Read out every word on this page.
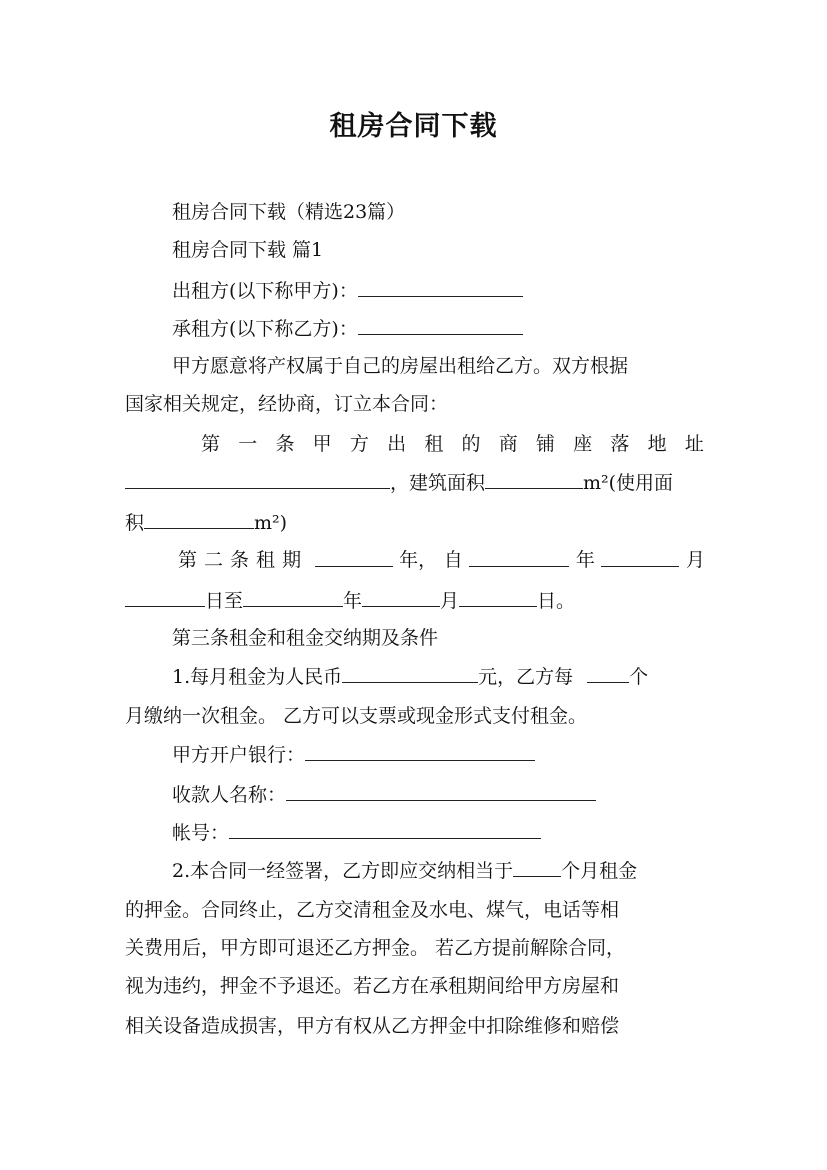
租房合同下载
租房合同下载（精选23篇）
租房合同下载 篇1
出租方(以下称甲方)：
承租方(以下称乙方)：
甲方愿意将产权属于自己的房屋出租给乙方。双方根据
国家相关规定，经协商，订立本合同：
第 一 条 甲 方 出 租 的 商 铺 座 落 地 址
，建筑面积	m²(使用面
积	m²)
第二条租期	年， 自	年	月
日至	年	月	日。
第三条租金和租金交纳期及条件
1.每月租金为人民币	元，乙方每	个
月缴纳一次租金。 乙方可以支票或现金形式支付租金。
甲方开户银行：
收款人名称：
帐号：
2.本合同一经签署，乙方即应交纳相当于	个月租金
的押金。合同终止，乙方交清租金及水电、煤气，电话等相
关费用后，甲方即可退还乙方押金。 若乙方提前解除合同，
视为违约，押金不予退还。若乙方在承租期间给甲方房屋和
相关设备造成损害，甲方有权从乙方押金中扣除维修和赔偿
